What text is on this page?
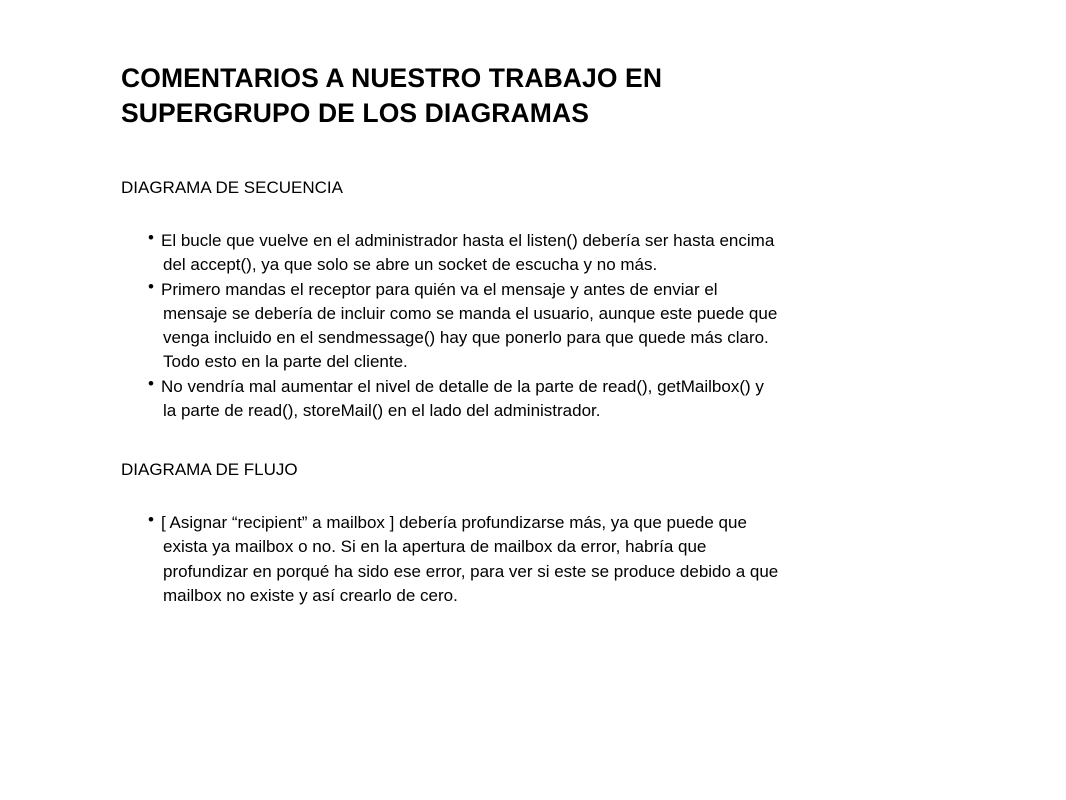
COMENTARIOS A NUESTRO TRABAJO EN
SUPERGRUPO DE LOS DIAGRAMAS
DIAGRAMA DE SECUENCIA
• El bucle que vuelve en el administrador hasta el listen() debería ser hasta encima
del accept(), ya que solo se abre un socket de escucha y no más.
• Primero mandas el receptor para quién va el mensaje y antes de enviar el
mensaje se debería de incluir como se manda el usuario, aunque este puede que
venga incluido en el sendmessage() hay que ponerlo para que quede más claro.
Todo esto en la parte del cliente.
• No vendría mal aumentar el nivel de detalle de la parte de read(), getMailbox() y
la parte de read(), storeMail() en el lado del administrador.
DIAGRAMA DE FLUJO
• [ Asignar “recipient” a mailbox ] debería profundizarse más, ya que puede que
exista ya mailbox o no. Si en la apertura de mailbox da error, habría que
profundizar en porqué ha sido ese error, para ver si este se produce debido a que
mailbox no existe y así crearlo de cero.
